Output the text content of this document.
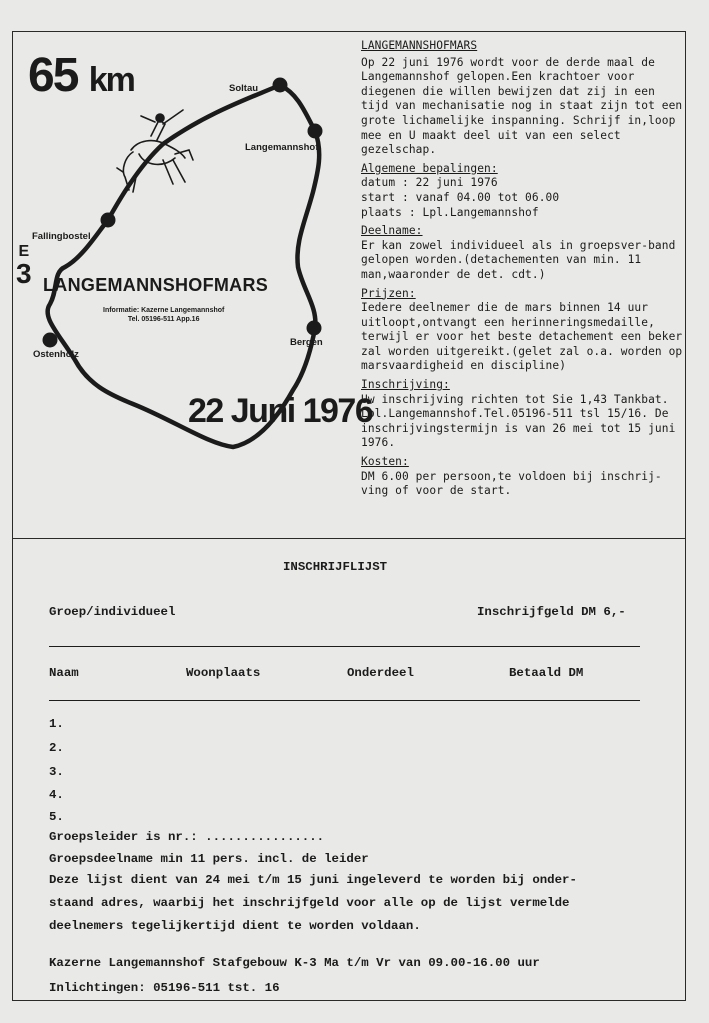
65 km	Soltau
Langemannshof
Fallingbostel
Ostenholz
Bergen
E
3 LANGEMANNSHOFMARS
Informatie: Kazerne Langemannshof
Tel. 05196-511 App.16
22 Juni 1976
LANGEMANNSHOFMARS

Op 22 juni 1976 wordt voor de derde maal de Langemannshof gelopen.Een krachtoer voor diegenen die willen bewijzen dat zij in een tijd van mechanisatie nog in staat zijn tot een grote lichamelijke inspanning. Schrijf in,loop mee en U maakt deel uit van een select gezelschap.

Algemene bepalingen:

datum : 22 juni 1976

start : vanaf 04.00 tot 06.00

plaats : Lpl.Langemannshof

Deelname:

Er kan zowel individueel als in groepsver-band gelopen worden.(detachementen van min. 11 man,waaronder de det. cdt.)

Prijzen:

Iedere deelnemer die de mars binnen 14 uur uitloopt,ontvangt een herinneringsmedaille, terwijl er voor het beste detachement een beker zal worden uitgereikt.(gelet zal o.a. worden op marsvaardigheid en discipline)

Inschrijving:

Uw inschrijving richten tot Sie 1,43 Tankbat. Lpl.Langemannshof.Tel.05196-511 tsl 15/16. De inschrijvingstermijn is van 26 mei tot 15 juni 1976.

Kosten:

DM 6.00 per persoon,te voldoen bij inschrij-ving of voor de start.

INSCHRIJFLIJST
Groep/individueel	Inschrijfgeld DM 6,-
Naam	Woonplaats	Onderdeel	Betaald DM
1.
2.
3.
4.
5.
Groepsleider is nr.: ................
Groepsdeelname min 11 pers. incl. de leider
Deze lijst dient van 24 mei t/m 15 juni ingeleverd te worden bij onder-
staand adres, waarbij het inschrijfgeld voor alle op de lijst vermelde
deelnemers tegelijkertijd dient te worden voldaan.
Kazerne Langemannshof Stafgebouw K-3 Ma t/m Vr van 09.00-16.00 uur
Inlichtingen: 05196-511 tst. 16
